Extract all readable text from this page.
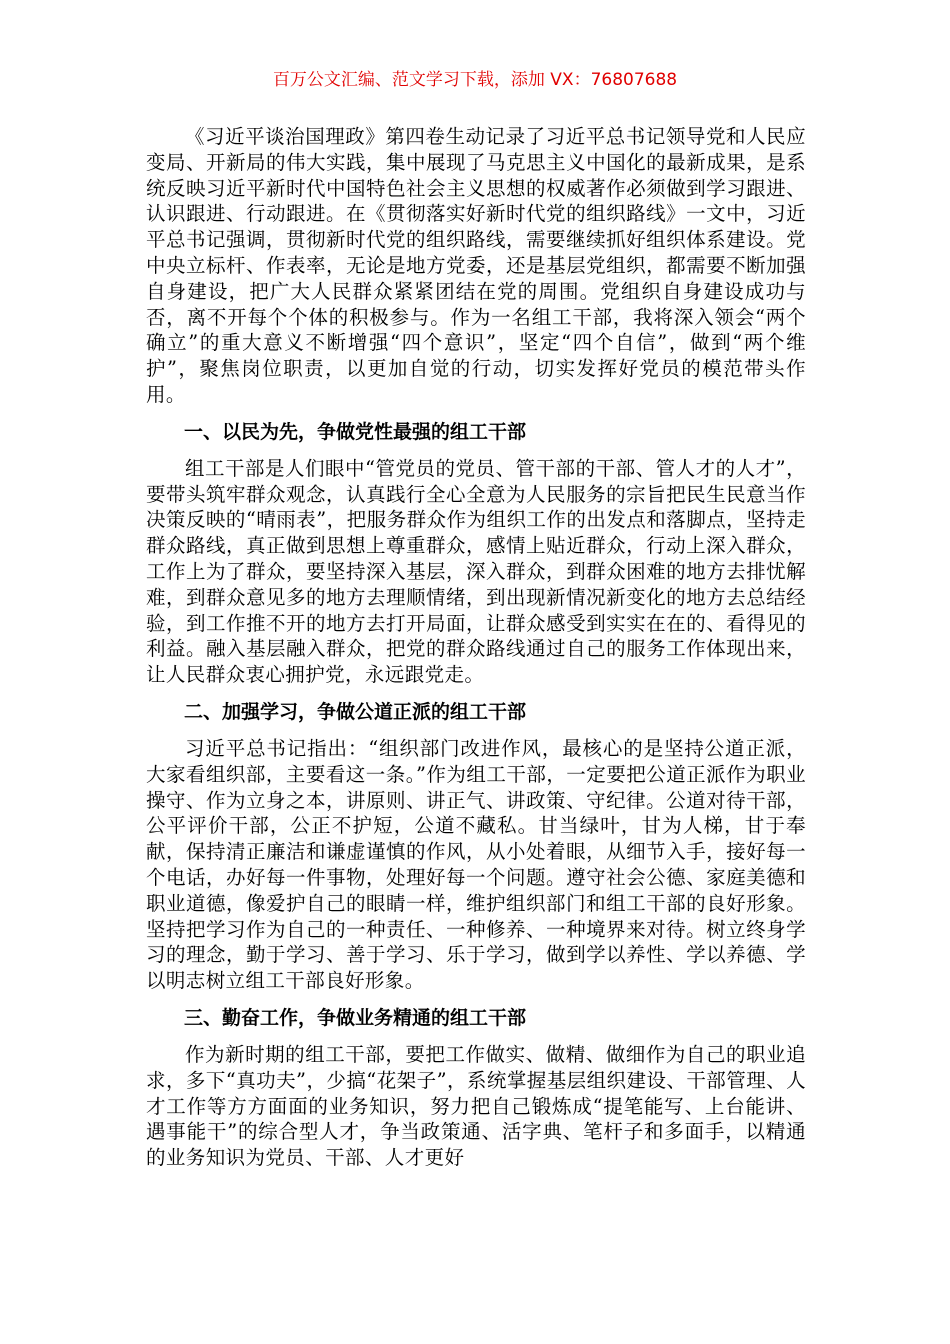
百万公文汇编、范文学习下载，添加 VX：76807688

《习近平谈治国理政》第四卷生动记录了习近平总书记领导党和人民应变局、开新局的伟大实践，集中展现了马克思主义中国化的最新成果，是系统反映习近平新时代中国特色社会主义思想的权威著作必须做到学习跟进、认识跟进、行动跟进。在《贯彻落实好新时代党的组织路线》一文中，习近平总书记强调，贯彻新时代党的组织路线，需要继续抓好组织体系建设。党中央立标杆、作表率，无论是地方党委，还是基层党组织，都需要不断加强自身建设，把广大人民群众紧紧团结在党的周围。党组织自身建设成功与否，离不开每个个体的积极参与。作为一名组工干部，我将深入领会“两个确立”的重大意义不断增强“四个意识”，坚定“四个自信”，做到“两个维护”，聚焦岗位职责，以更加自觉的行动，切实发挥好党员的模范带头作用。

一、以民为先，争做党性最强的组工干部

组工干部是人们眼中“管党员的党员、管干部的干部、管人才的人才”，要带头筑牢群众观念，认真践行全心全意为人民服务的宗旨把民生民意当作决策反映的“晴雨表”，把服务群众作为组织工作的出发点和落脚点，坚持走群众路线，真正做到思想上尊重群众，感情上贴近群众，行动上深入群众，工作上为了群众，要坚持深入基层，深入群众，到群众困难的地方去排忧解难，到群众意见多的地方去理顺情绪，到出现新情况新变化的地方去总结经验，到工作推不开的地方去打开局面，让群众感受到实实在在的、看得见的利益。融入基层融入群众，把党的群众路线通过自己的服务工作体现出来，让人民群众衷心拥护党，永远跟党走。

二、加强学习，争做公道正派的组工干部

习近平总书记指出：“组织部门改进作风，最核心的是坚持公道正派，大家看组织部，主要看这一条。”作为组工干部，一定要把公道正派作为职业操守、作为立身之本，讲原则、讲正气、讲政策、守纪律。公道对待干部，公平评价干部，公正不护短，公道不藏私。甘当绿叶，甘为人梯，甘于奉献，保持清正廉洁和谦虚谨慎的作风，从小处着眼，从细节入手，接好每一个电话，办好每一件事物，处理好每一个问题。遵守社会公德、家庭美德和职业道德，像爱护自己的眼睛一样，维护组织部门和组工干部的良好形象。坚持把学习作为自己的一种责任、一种修养、一种境界来对待。树立终身学习的理念，勤于学习、善于学习、乐于学习，做到学以养性、学以养德、学以明志树立组工干部良好形象。

三、勤奋工作，争做业务精通的组工干部

作为新时期的组工干部，要把工作做实、做精、做细作为自己的职业追求，多下“真功夫”，少搞“花架子”，系统掌握基层组织建设、干部管理、人才工作等方方面面的业务知识，努力把自己锻炼成“提笔能写、上台能讲、遇事能干”的综合型人才，争当政策通、活字典、笔杆子和多面手，以精通的业务知识为党员、干部、人才更好
